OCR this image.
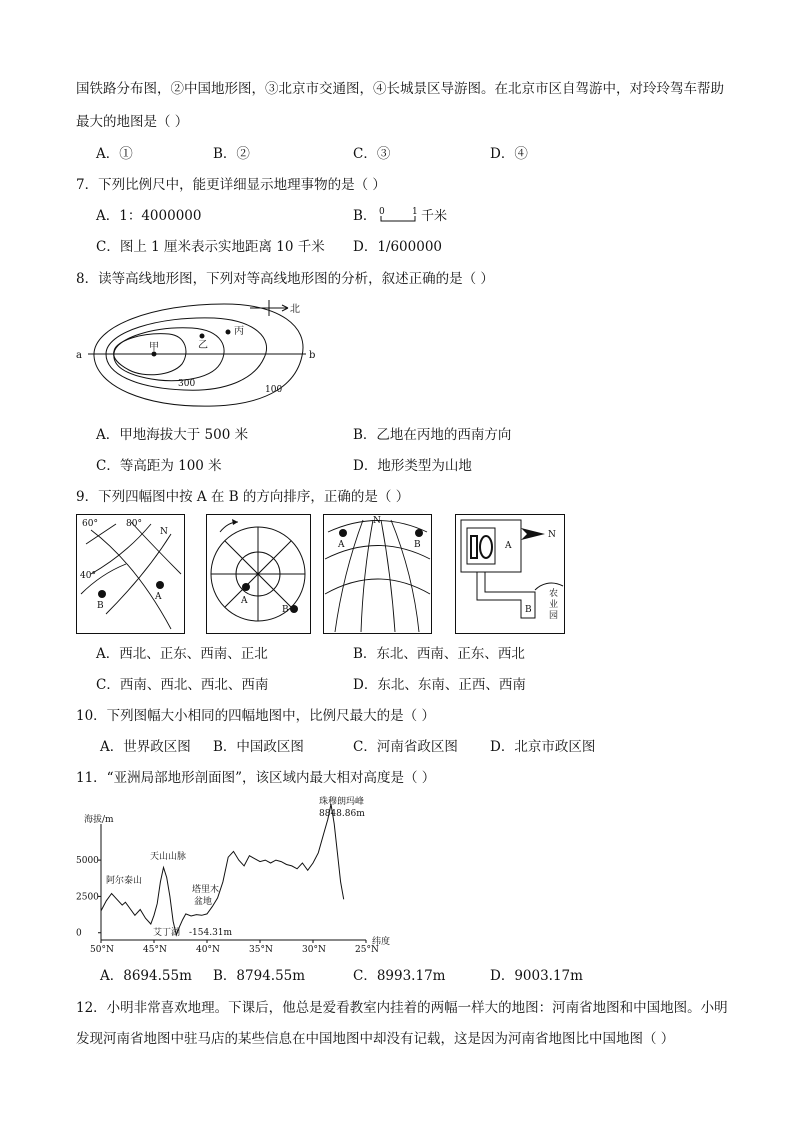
国铁路分布图，②中国地形图，③北京市交通图，④长城景区导游图。在北京市区自驾游中，对玲玲驾车帮助
最大的地图是（ ）
A．①	B．②	C．③	D．④
7．下列比例尺中，能更详细显示地理事物的是（ ）
A．1：4000000	B． 0	1 千米
C．图上 1 厘米表示实地距离 10 千米 D．1/600000
8．读等高线地形图，下列对等高线地形图的分析，叙述正确的是（ ）
a	b
甲	乙
丙
300
100
北
A．甲地海拔大于 500 米	B．乙地在丙地的西南方向
C．等高距为 100 米	D．地形类型为山地
9．下列四幅图中按 A 在 B 的方向排序，正确的是（ ）
60°	80°
N
40°
B
A	A
B
N
A	B	A
N
B
农
业
园
A．西北、正东、西南、正北	B．东北、西南、正东、西北
C．西南、西北、西北、西南	D．东北、东南、正西、西南
10．下列图幅大小相同的四幅地图中，比例尺最大的是（ ）
A．世界政区图 B．中国政区图	C．河南省政区图 D．北京市政区图
11．“亚洲局部地形剖面图”，该区域内最大相对高度是（ ）
海拔/m
纬度
5000
2500
0
50°N	45°N	40°N	35°N	30°N	25°N
珠穆朗玛峰
8848.86m
天山山脉
阿尔泰山
塔里木
盆地
艾丁湖 -154.31m
A．8694.55m B．8794.55m	C．8993.17m	D．9003.17m
12．小明非常喜欢地理。下课后，他总是爱看教室内挂着的两幅一样大的地图：河南省地图和中国地图。小明
发现河南省地图中驻马店的某些信息在中国地图中却没有记载，这是因为河南省地图比中国地图（ ）
